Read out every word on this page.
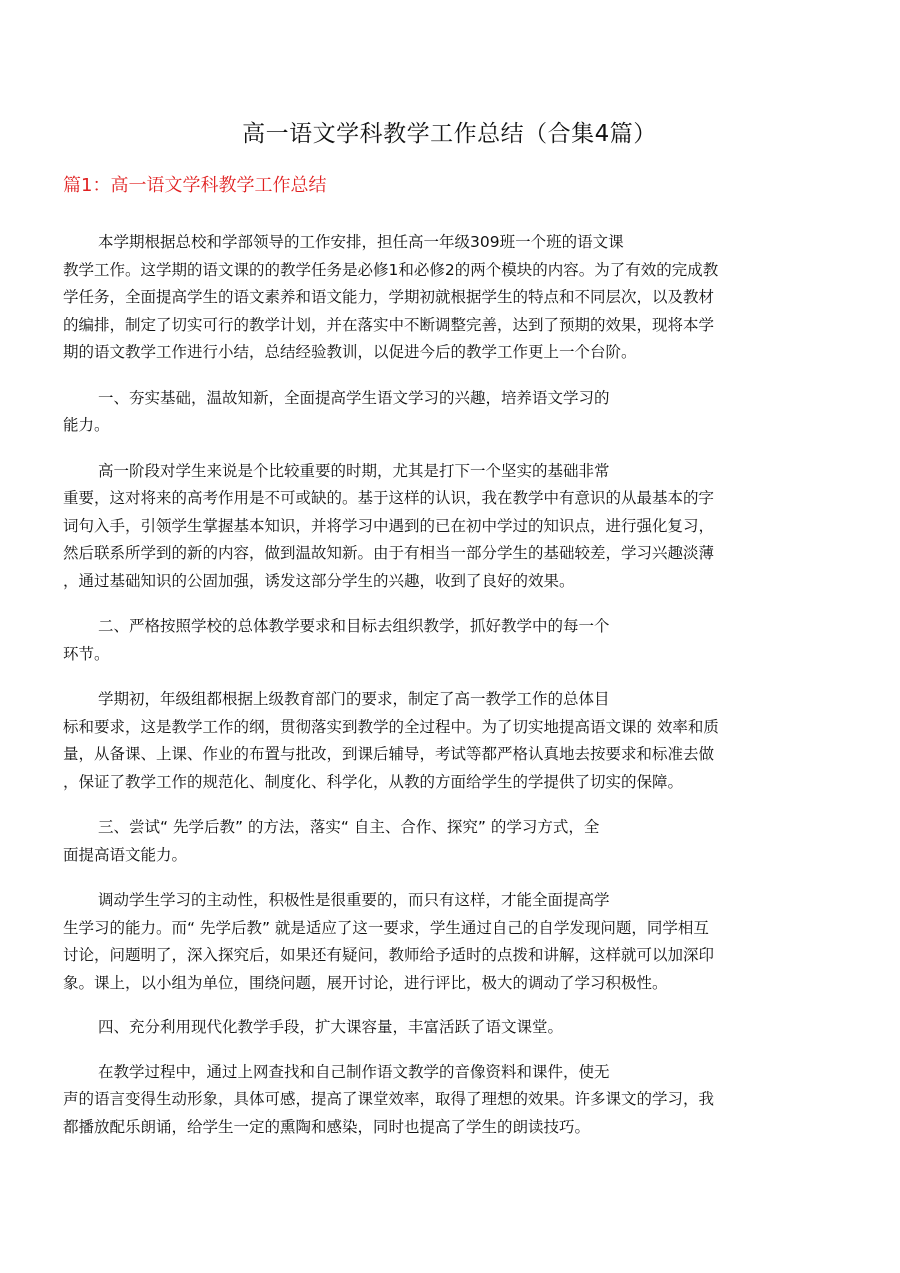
高一语文学科教学工作总结（合集4篇）
篇1：高一语文学科教学工作总结

本学期根据总校和学部领导的工作安排，担任高一年级309班一个班的语文课
教学工作。这学期的语文课的的教学任务是必修1和必修2的两个模块的内容。为了有效的完成教
学任务，全面提高学生的语文素养和语文能力，学期初就根据学生的特点和不同层次，以及教材
的编排，制定了切实可行的教学计划，并在落实中不断调整完善，达到了预期的效果，现将本学
期的语文教学工作进行小结，总结经验教训，以促进今后的教学工作更上一个台阶。

一、夯实基础，温故知新，全面提高学生语文学习的兴趣，培养语文学习的
能力。

高一阶段对学生来说是个比较重要的时期，尤其是打下一个坚实的基础非常
重要，这对将来的高考作用是不可或缺的。基于这样的认识，我在教学中有意识的从最基本的字
词句入手，引领学生掌握基本知识，并将学习中遇到的已在初中学过的知识点，进行强化复习，
然后联系所学到的新的内容，做到温故知新。由于有相当一部分学生的基础较差，学习兴趣淡薄
，通过基础知识的公固加强，诱发这部分学生的兴趣，收到了良好的效果。

二、严格按照学校的总体教学要求和目标去组织教学，抓好教学中的每一个
环节。

学期初，年级组都根据上级教育部门的要求，制定了高一教学工作的总体目
标和要求，这是教学工作的纲，贯彻落实到教学的全过程中。为了切实地提高语文课的 效率和质
量，从备课、上课、作业的布置与批改，到课后辅导，考试等都严格认真地去按要求和标准去做
，保证了教学工作的规范化、制度化、科学化，从教的方面给学生的学提供了切实的保障。

三、尝试“ 先学后教” 的方法，落实“ 自主、合作、探究” 的学习方式，全
面提高语文能力。

调动学生学习的主动性，积极性是很重要的，而只有这样，才能全面提高学
生学习的能力。而“ 先学后教” 就是适应了这一要求，学生通过自己的自学发现问题，同学相互
讨论，问题明了，深入探究后，如果还有疑问，教师给予适时的点拨和讲解，这样就可以加深印
象。课上，以小组为单位，围绕问题，展开讨论，进行评比，极大的调动了学习积极性。

四、充分利用现代化教学手段，扩大课容量，丰富活跃了语文课堂。

在教学过程中，通过上网查找和自己制作语文教学的音像资料和课件，使无
声的语言变得生动形象，具体可感，提高了课堂效率，取得了理想的效果。许多课文的学习，我
都播放配乐朗诵，给学生一定的熏陶和感染，同时也提高了学生的朗读技巧。
